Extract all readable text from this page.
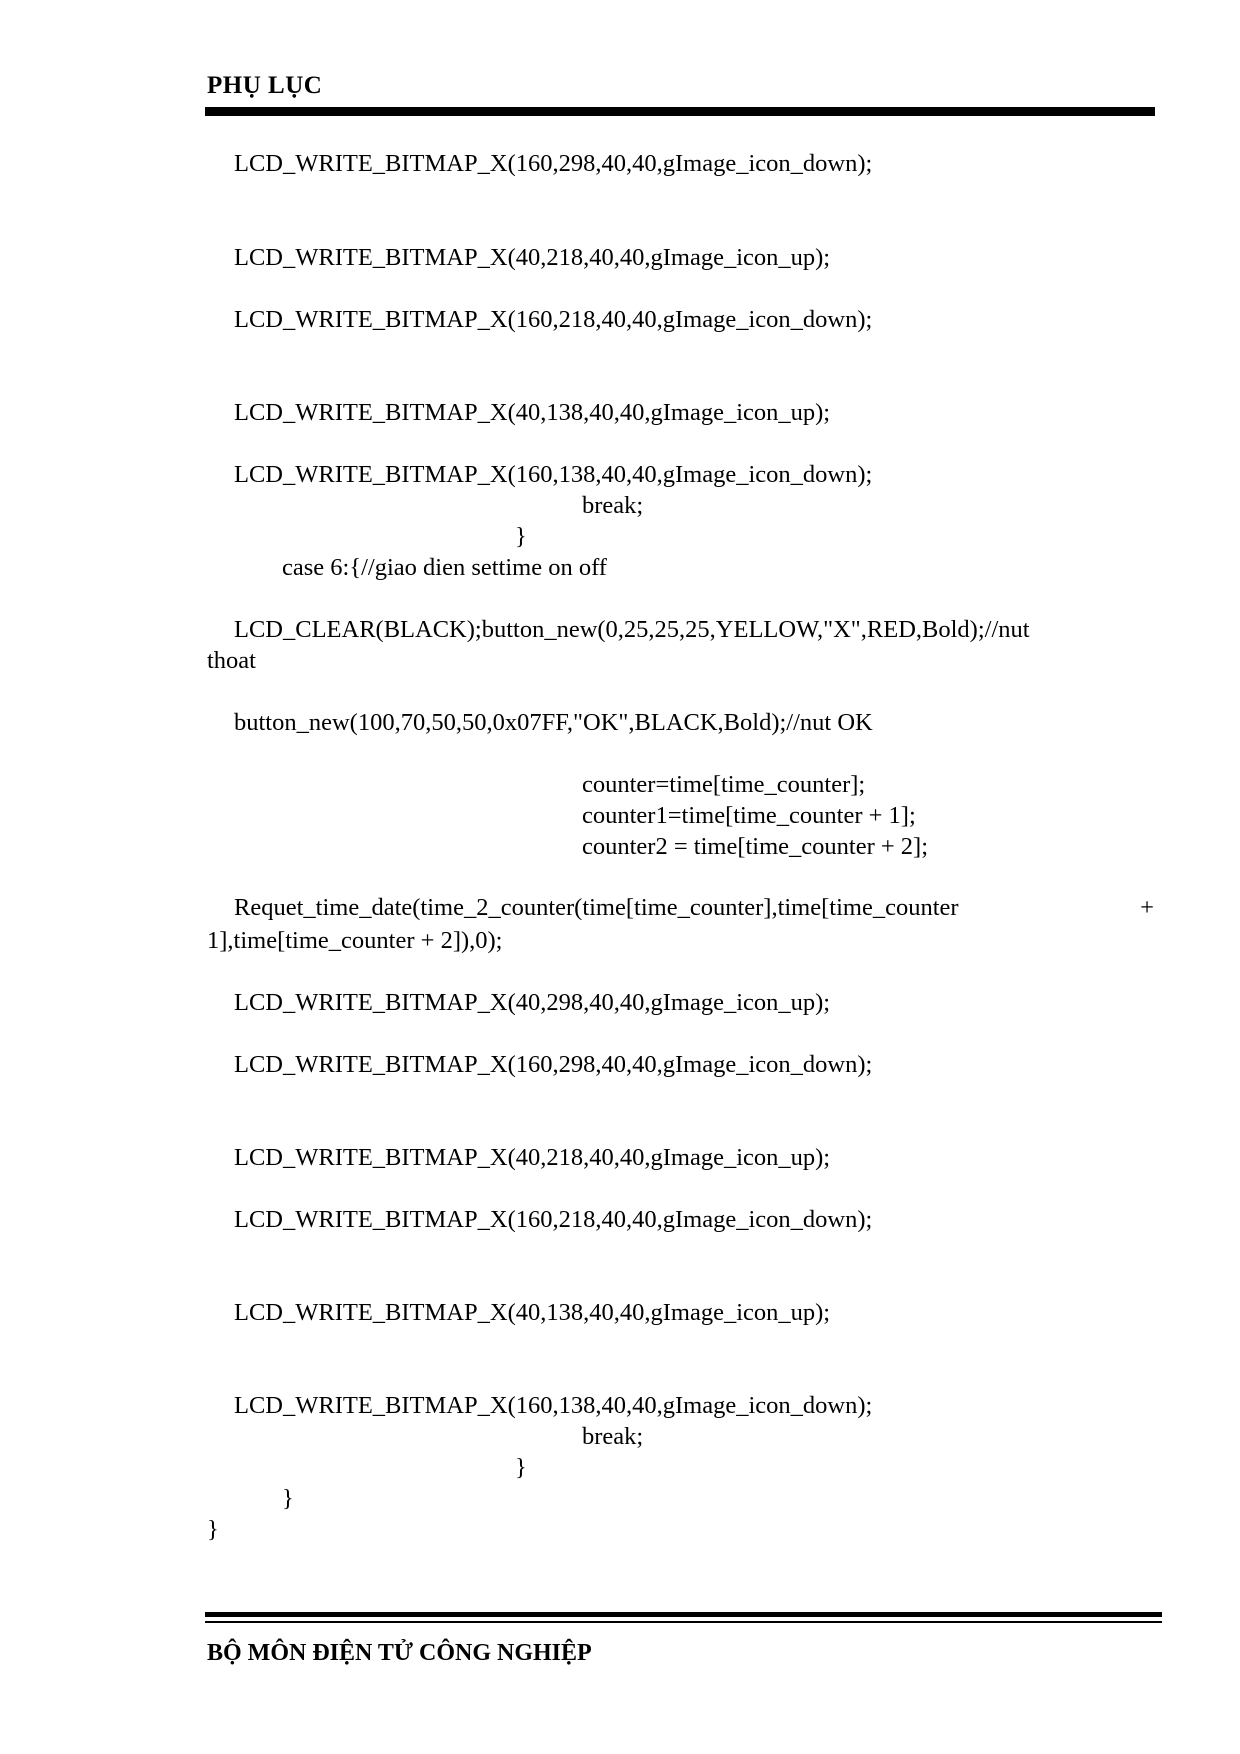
PHỤ LỤC
LCD_WRITE_BITMAP_X(160,298,40,40,gImage_icon_down);
LCD_WRITE_BITMAP_X(40,218,40,40,gImage_icon_up);
LCD_WRITE_BITMAP_X(160,218,40,40,gImage_icon_down);
LCD_WRITE_BITMAP_X(40,138,40,40,gImage_icon_up);
LCD_WRITE_BITMAP_X(160,138,40,40,gImage_icon_down);
break;
}
case 6:{//giao dien settime on off
LCD_CLEAR(BLACK);button_new(0,25,25,25,YELLOW,"X",RED,Bold);//nut
thoat
button_new(100,70,50,50,0x07FF,"OK",BLACK,Bold);//nut OK
counter=time[time_counter];
counter1=time[time_counter + 1];
counter2 = time[time_counter + 2];
Requet_time_date(time_2_counter(time[time_counter],time[time_counter	+
1],time[time_counter + 2]),0);
LCD_WRITE_BITMAP_X(40,298,40,40,gImage_icon_up);
LCD_WRITE_BITMAP_X(160,298,40,40,gImage_icon_down);
LCD_WRITE_BITMAP_X(40,218,40,40,gImage_icon_up);
LCD_WRITE_BITMAP_X(160,218,40,40,gImage_icon_down);
LCD_WRITE_BITMAP_X(40,138,40,40,gImage_icon_up);
LCD_WRITE_BITMAP_X(160,138,40,40,gImage_icon_down);
break;
}
}
}
BỘ MÔN ĐIỆN TỬ CÔNG NGHIỆP
